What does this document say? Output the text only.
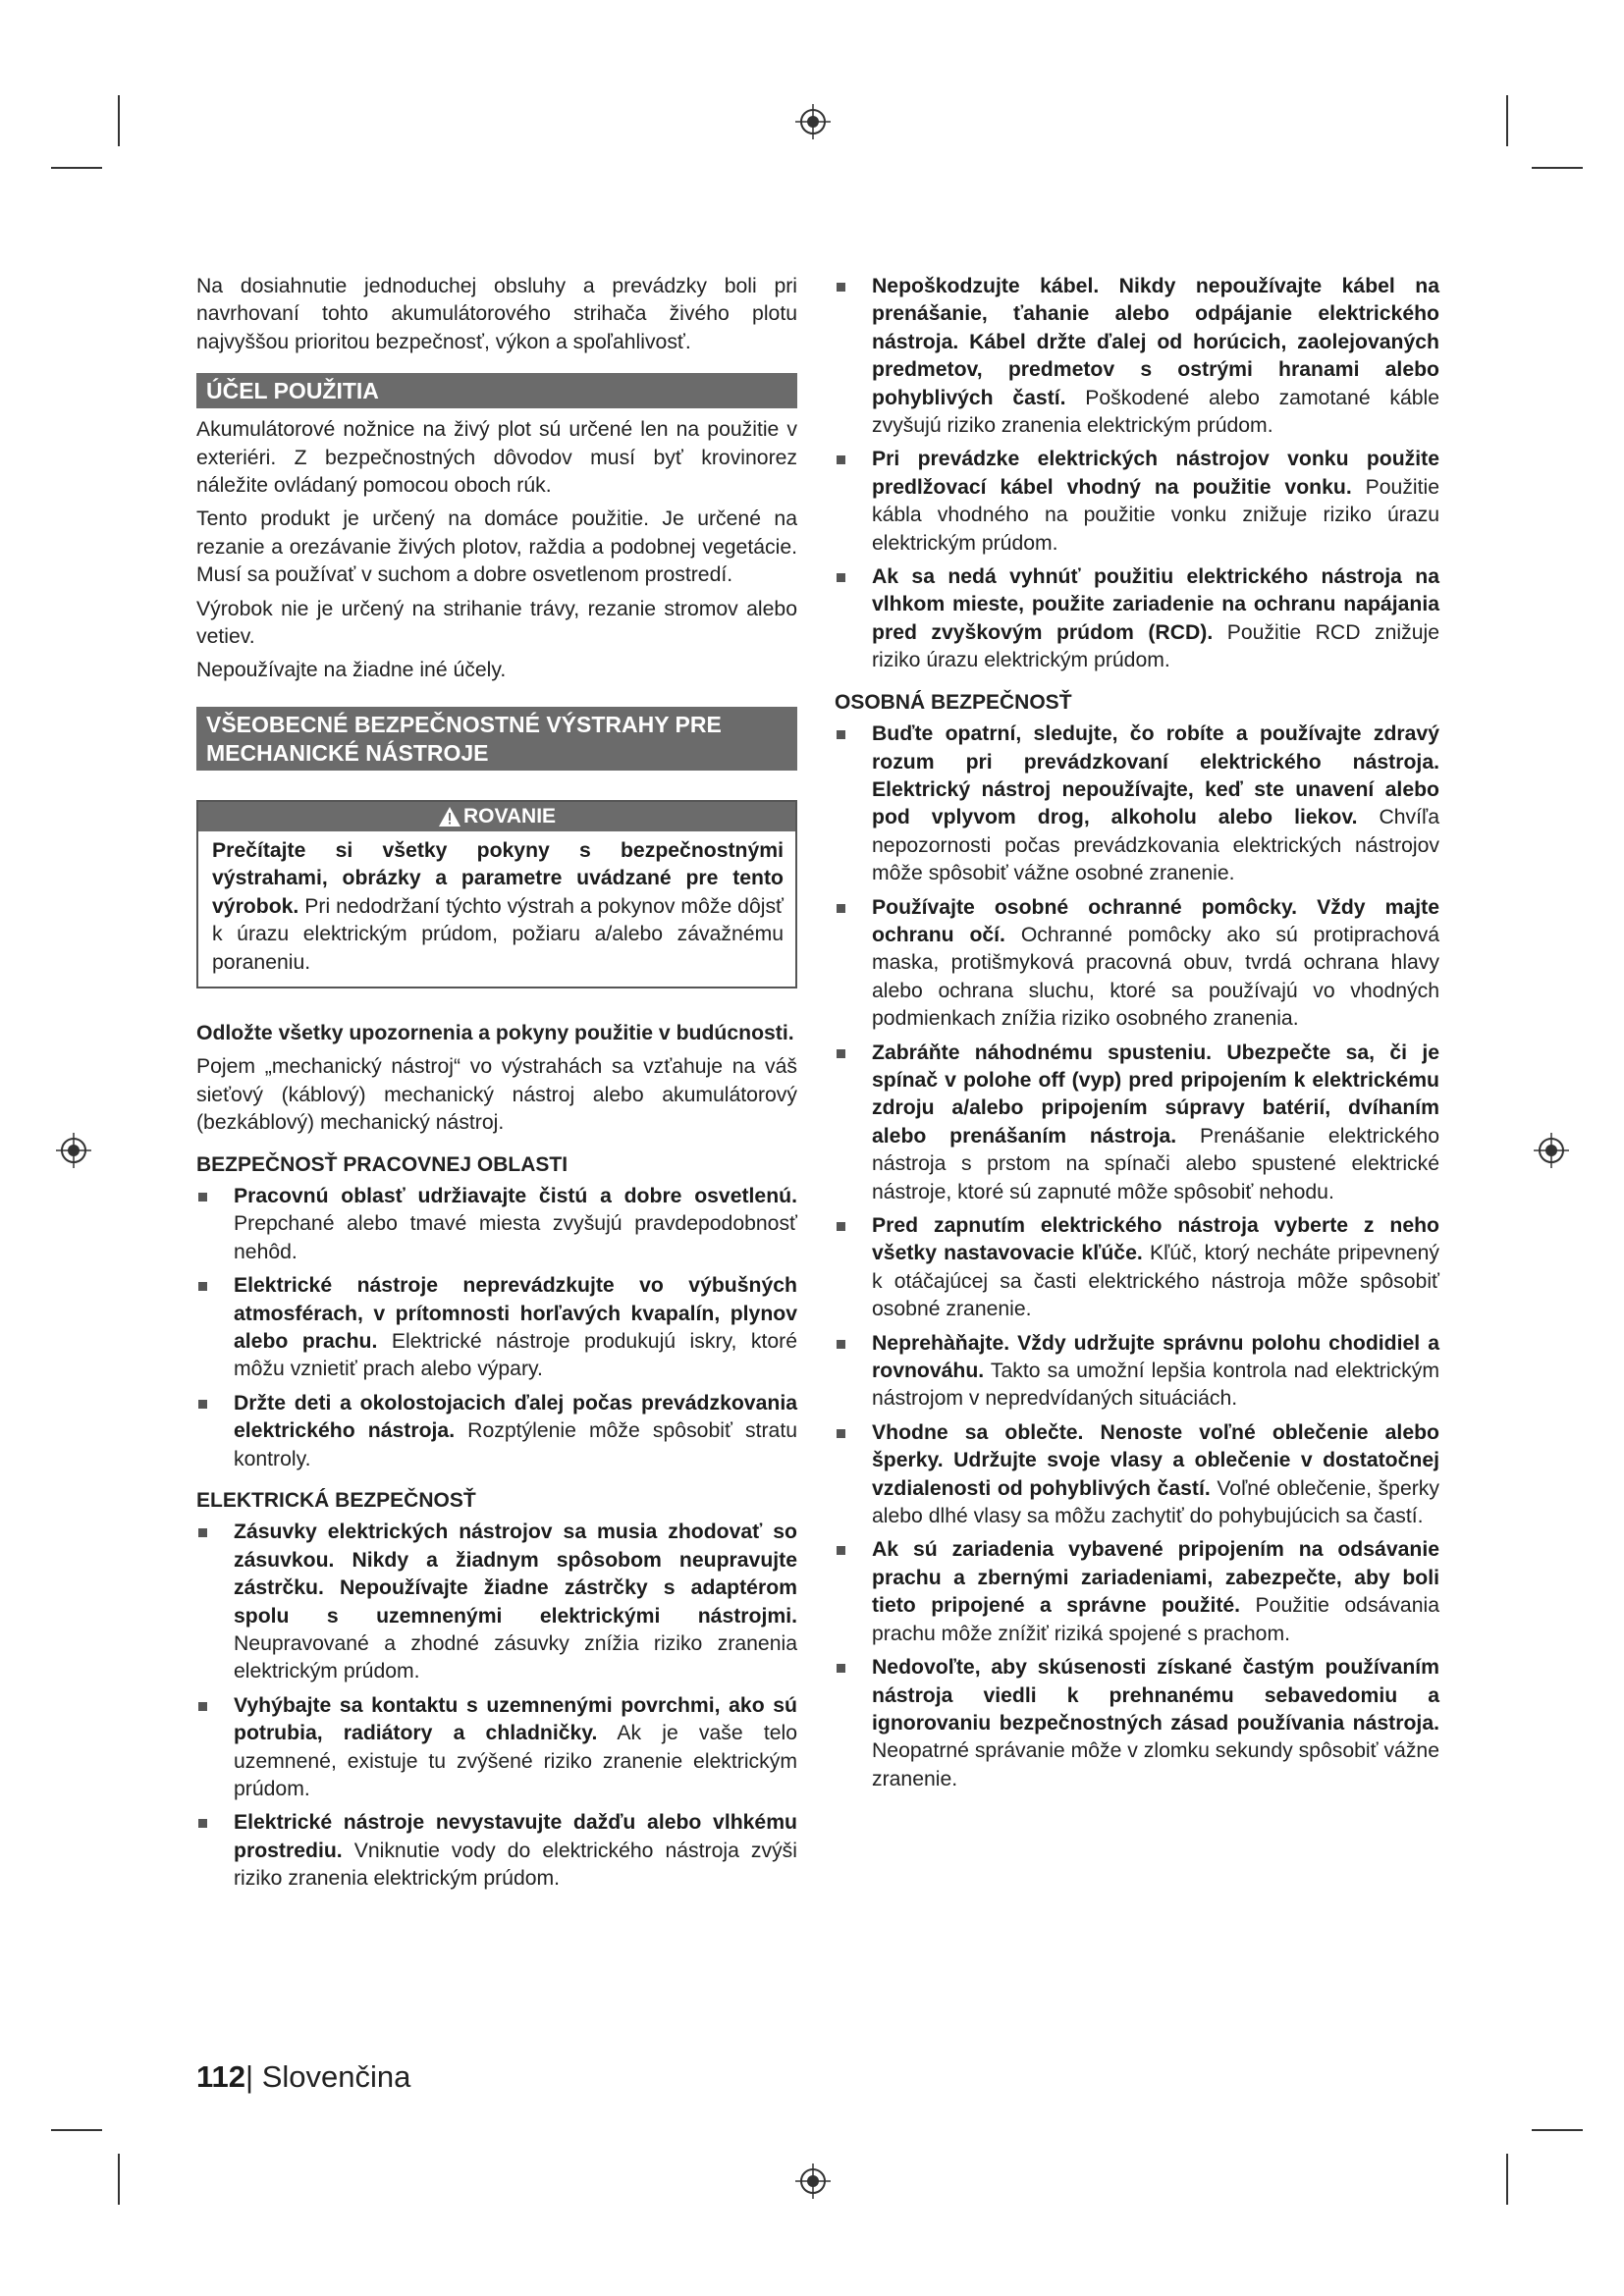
Na dosiahnutie jednoduchej obsluhy a prevádzky boli pri navrhovaní tohto akumulátorového strihača živého plotu najvyššou prioritou bezpečnosť, výkon a spoľahlivosť.

ÚČEL POUŽITIA

Akumulátorové nožnice na živý plot sú určené len na použitie v exteriéri. Z bezpečnostných dôvodov musí byť krovinorez náležite ovládaný pomocou oboch rúk.

Tento produkt je určený na domáce použitie. Je určené na rezanie a orezávanie živých plotov, raždia a podobnej vegetácie. Musí sa používať v suchom a dobre osvetlenom prostredí.

Výrobok nie je určený na strihanie trávy, rezanie stromov alebo vetiev.

Nepoužívajte na žiadne iné účely.

VŠEOBECNÉ BEZPEČNOSTNÉ VÝSTRAHY PRE MECHANICKÉ NÁSTROJE
ROVANIE
Prečítajte si všetky pokyny s bezpečnostnými výstrahami, obrázky a parametre uvádzané pre tento výrobok. Pri nedodržaní týchto výstrah a pokynov môže dôjsť k úrazu elektrickým prúdom, požiaru a/alebo závažnému poraneniu.

Odložte všetky upozornenia a pokyny použitie v budúcnosti.

Pojem „mechanický nástroj“ vo výstrahách sa vzťahuje na váš sieťový (káblový) mechanický nástroj alebo akumulátorový (bezkáblový) mechanický nástroj.

BEZPEČNOSŤ PRACOVNEJ OBLASTI
Pracovnú oblasť udržiavajte čistú a dobre osvetlenú. Prepchané alebo tmavé miesta zvyšujú pravdepodobnosť nehôd.
Elektrické nástroje neprevádzkujte vo výbušných atmosférach, v prítomnosti horľavých kvapalín, plynov alebo prachu. Elektrické nástroje produkujú iskry, ktoré môžu vznietiť prach alebo výpary.
Držte deti a okolostojacich ďalej počas prevádzkovania elektrického nástroja. Rozptýlenie môže spôsobiť stratu kontroly.
ELEKTRICKÁ BEZPEČNOSŤ
Zásuvky elektrických nástrojov sa musia zhodovať so zásuvkou. Nikdy a žiadnym spôsobom neupravujte zástrčku. Nepoužívajte žiadne zástrčky s adaptérom spolu s uzemnenými elektrickými nástrojmi. Neupravované a zhodné zásuvky znížia riziko zranenia elektrickým prúdom.
Vyhýbajte sa kontaktu s uzemnenými povrchmi, ako sú potrubia, radiátory a chladničky. Ak je vaše telo uzemnené, existuje tu zvýšené riziko zranenie elektrickým prúdom.
Elektrické nástroje nevystavujte dažďu alebo vlhkému prostrediu. Vniknutie vody do elektrického nástroja zvýši riziko zranenia elektrickým prúdom.
Nepoškodzujte kábel. Nikdy nepoužívajte kábel na prenášanie, ťahanie alebo odpájanie elektrického nástroja. Kábel držte ďalej od horúcich, zaolejovaných predmetov, predmetov s ostrými hranami alebo pohyblivých častí. Poškodené alebo zamotané káble zvyšujú riziko zranenia elektrickým prúdom.
Pri prevádzke elektrických nástrojov vonku použite predlžovací kábel vhodný na použitie vonku. Použitie kábla vhodného na použitie vonku znižuje riziko úrazu elektrickým prúdom.
Ak sa nedá vyhnúť použitiu elektrického nástroja na vlhkom mieste, použite zariadenie na ochranu napájania pred zvyškovým prúdom (RCD). Použitie RCD znižuje riziko úrazu elektrickým prúdom.
OSOBNÁ BEZPEČNOSŤ
Buďte opatrní, sledujte, čo robíte a používajte zdravý rozum pri prevádzkovaní elektrického nástroja. Elektrický nástroj nepoužívajte, keď ste unavení alebo pod vplyvom drog, alkoholu alebo liekov. Chvíľa nepozornosti počas prevádzkovania elektrických nástrojov môže spôsobiť vážne osobné zranenie.
Používajte osobné ochranné pomôcky. Vždy majte ochranu očí. Ochranné pomôcky ako sú protiprachová maska, protišmyková pracovná obuv, tvrdá ochrana hlavy alebo ochrana sluchu, ktoré sa používajú vo vhodných podmienkach znížia riziko osobného zranenia.
Zabráňte náhodnému spusteniu. Ubezpečte sa, či je spínač v polohe off (vyp) pred pripojením k elektrickému zdroju a/alebo pripojením súpravy batérií, dvíhaním alebo prenášaním nástroja. Prenášanie elektrického nástroja s prstom na spínači alebo spustené elektrické nástroje, ktoré sú zapnuté môže spôsobiť nehodu.
Pred zapnutím elektrického nástroja vyberte z neho všetky nastavovacie kľúče. Kľúč, ktorý necháte pripevnený k otáčajúcej sa časti elektrického nástroja môže spôsobiť osobné zranenie.
Neprehàňajte. Vždy udržujte správnu polohu chodidiel a rovnováhu. Takto sa umožní lepšia kontrola nad elektrickým nástrojom v nepredvídaných situáciách.
Vhodne sa oblečte. Nenoste voľné oblečenie alebo šperky. Udržujte svoje vlasy a oblečenie v dostatočnej vzdialenosti od pohyblivých častí. Voľné oblečenie, šperky alebo dlhé vlasy sa môžu zachytiť do pohybujúcich sa častí.
Ak sú zariadenia vybavené pripojením na odsávanie prachu a zbernými zariadeniami, zabezpečte, aby boli tieto pripojené a správne použité. Použitie odsávania prachu môže znížiť riziká spojené s prachom.
Nedovoľte, aby skúsenosti získané častým používaním nástroja viedli k prehnanému sebavedomiu a ignorovaniu bezpečnostných zásad používania nástroja. Neopatrné správanie môže v zlomku sekundy spôsobiť vážne zranenie.
112| Slovenčina
